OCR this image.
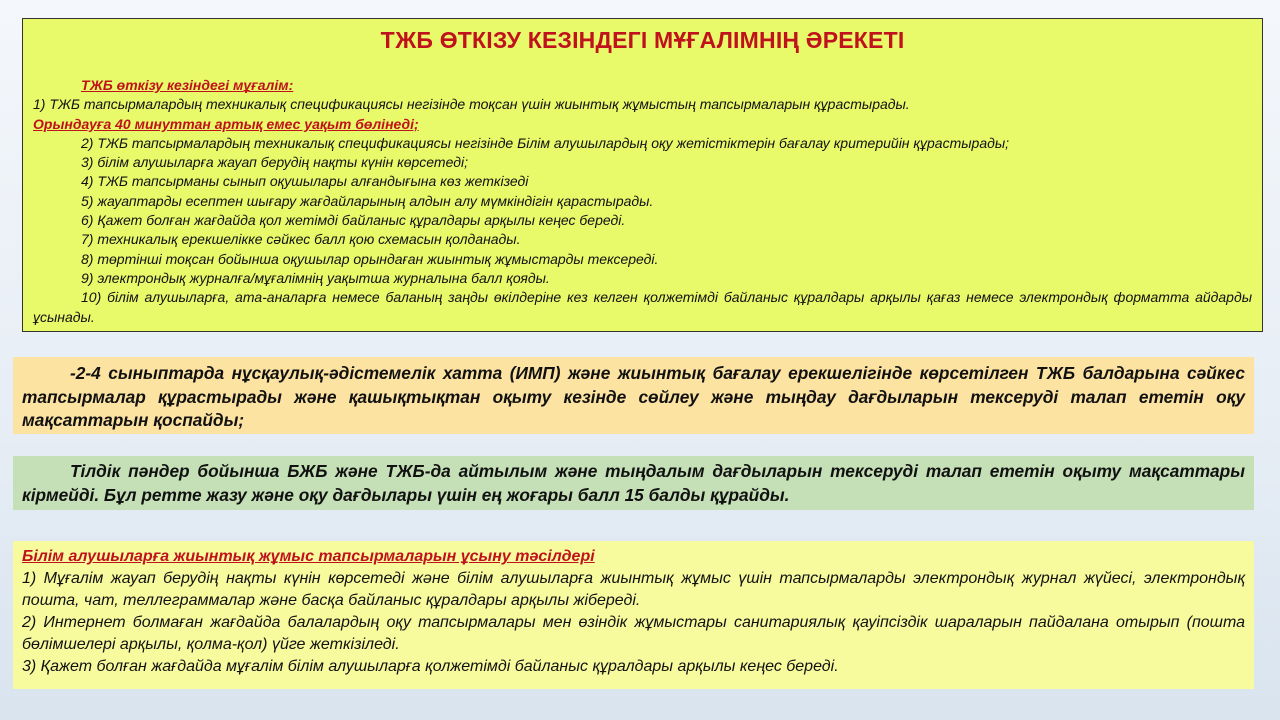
ТЖБ ӨТКІЗУ КЕЗІНДЕГІ МҰҒАЛІМНІҢ ӘРЕКЕТІ
ТЖБ өткізу кезіндегі мұғалім:
1) ТЖБ тапсырмалардың техникалық спецификациясы негізінде тоқсан үшін жиынтық жұмыстың тапсырмаларын құрастырады.
Орындауға 40 минуттан артық емес уақыт бөлінеді;
2) ТЖБ тапсырмалардың техникалық спецификациясы негізінде Білім алушылардың оқу жетістіктерін бағалау критерийін құрастырады;
3) білім алушыларға жауап берудің нақты күнін көрсетеді;
4) ТЖБ тапсырманы сынып оқушылары алғандығына көз жеткізеді
5) жауаптарды есептен шығару жағдайларының алдын алу мүмкіндігін қарастырады.
6) Қажет болған жағдайда қол жетімді байланыс құралдары арқылы кеңес береді.
7) техникалық ерекшелікке сәйкес балл қою схемасын қолданады.
8) төртінші тоқсан бойынша оқушылар орындаған жиынтық жұмыстарды тексереді.
9) электрондық журналға/мұғалімнің уақытша журналына балл қояды.
10) білім алушыларға, ата-аналарға немесе баланың заңды өкілдеріне кез келген қолжетімді байланыс құралдары арқылы қағаз немесе электрондық форматта айдарды ұсынады.
-2-4 сыныптарда нұсқаулық-әдістемелік хатта (ИМП) және жиынтық бағалау ерекшелігінде көрсетілген ТЖБ балдарына сәйкес тапсырмалар құрастырады және қашықтықтан оқыту кезінде сөйлеу және тыңдау дағдыларын тексеруді талап ететін оқу мақсаттарын қоспайды;
Тілдік пәндер бойынша БЖБ және ТЖБ-да айтылым және тыңдалым дағдыларын тексеруді талап ететін оқыту мақсаттары кірмейді. Бұл ретте жазу және оқу дағдылары үшін ең жоғары балл 15 балды құрайды.
Білім алушыларға жиынтық жұмыс тапсырмаларын ұсыну тәсілдері
1) Мұғалім жауап берудің нақты күнін көрсетеді және білім алушыларға жиынтық жұмыс үшін тапсырмаларды электрондық журнал жүйесі, электрондық пошта, чат, теллеграммалар және басқа байланыс құралдары арқылы жібереді.
2) Интернет болмаған жағдайда балалардың оқу тапсырмалары мен өзіндік жұмыстары санитариялық қауіпсіздік шараларын пайдалана отырып (пошта бөлімшелері арқылы, қолма-қол) үйге жеткізіледі.
3) Қажет болған жағдайда мұғалім білім алушыларға қолжетімді байланыс құралдары арқылы кеңес береді.
